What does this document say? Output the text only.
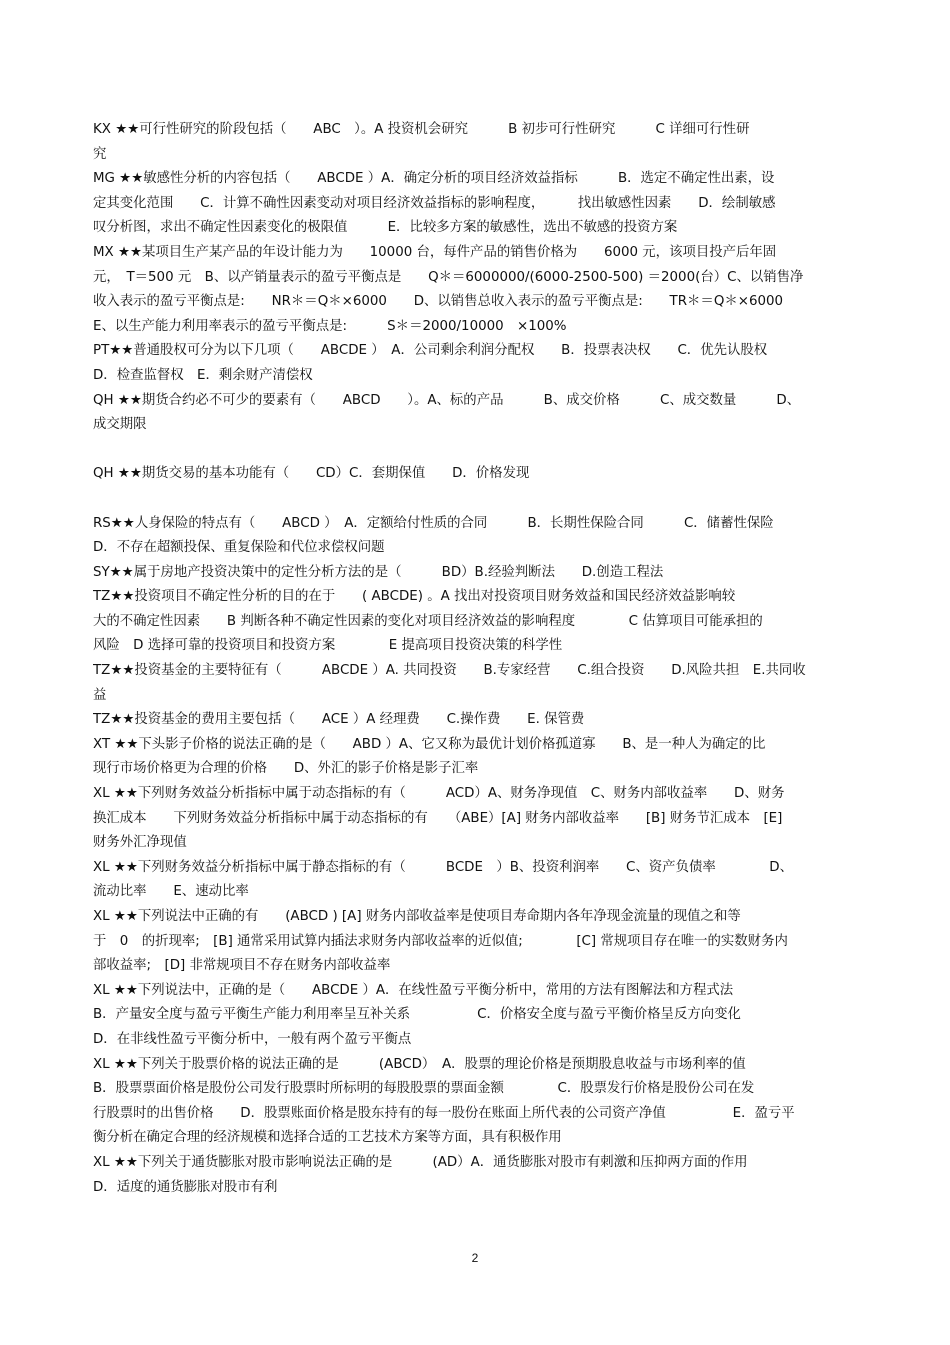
KX ★★可行性研究的阶段包括（　　ABC　）。A 投资机会研究　　　B 初步可行性研究　　　C 详细可行性研
究
MG ★★敏感性分析的内容包括（　　ABCDE ）A．确定分析的项目经济效益指标　　　B．选定不确定性出素，设
定其变化范围　　C．计算不确性因素变动对项目经济效益指标的影响程度，　　　找出敏感性因素　　D．绘制敏感
叹分析图，求出不确定性因素变化的极限值　　　E．比较多方案的敏感性，选出不敏感的投资方案
MX ★★某项目生产某产品的年设计能力为　　10000 台，每件产品的销售价格为　　6000 元，该项目投产后年固
元，　T＝500 元　B、以产销量表示的盈亏平衡点是　　Q＊＝6000000/(6000-2500-500) ＝2000(台）C、以销售净
收入表示的盈亏平衡点是:　　NR＊＝Q＊×6000　　D、以销售总收入表示的盈亏平衡点是:　　TR＊＝Q＊×6000
E、以生产能力利用率表示的盈亏平衡点是:　　　S＊＝2000/10000　×100%
PT★★普通股权可分为以下几项（　　ABCDE ）　A．公司剩余利润分配权　　B．投票表决权　　C．优先认股权
D．检查监督权　E．剩余财产清偿权
QH ★★期货合约必不可少的要素有（　　ABCD　　）。A、标的产品　　　B、成交价格　　　C、成交数量　　　D、
成交期限
QH ★★期货交易的基本功能有（　　CD）C．套期保值　　D．价格发现
RS★★人身保险的特点有（　　ABCD ）　A．定额给付性质的合同　　　B．长期性保险合同　　　C．储蓄性保险
D．不存在超额投保、重复保险和代位求偿权问题
SY★★属于房地产投资决策中的定性分析方法的是（　　　BD）B.经验判断法　　D.创造工程法
TZ★★投资项目不确定性分析的目的在于　　( ABCDE) 。A 找出对投资项目财务效益和国民经济效益影响较
大的不确定性因素　　B 判断各种不确定性因素的变化对项目经济效益的影响程度　　　　C 估算项目可能承担的
风险　D 选择可靠的投资项目和投资方案　　　　E 提高项目投资决策的科学性
TZ★★投资基金的主要特征有（　　　ABCDE ）A. 共同投资　　B.专家经营　　C.组合投资　　D.风险共担　E.共同收
益
TZ★★投资基金的费用主要包括（　　ACE ）A 经理费　　C.操作费　　E. 保管费
XT ★★下头影子价格的说法正确的是（　　ABD ）A、它又称为最优计划价格孤道寡　　B、是一种人为确定的比
现行市场价格更为合理的价格　　D、外汇的影子价格是影子汇率
XL ★★下列财务效益分析指标中属于动态指标的有（　　　ACD）A、财务净现值　C、财务内部收益率　　D、财务
换汇成本　　下列财务效益分析指标中属于动态指标的有　　（ABE）[A] 财务内部收益率　　[B] 财务节汇成本　[E]
财务外汇净现值
XL ★★下列财务效益分析指标中属于静态指标的有（　　　BCDE　）B、投资利润率　　C、资产负债率　　　　D、
流动比率　　E、速动比率
XL ★★下列说法中正确的有　　(ABCD ) [A] 财务内部收益率是使项目寿命期内各年净现金流量的现值之和等
于　0　的折现率;　[B] 通常采用试算内插法求财务内部收益率的近似值;　　　　[C] 常规项目存在唯一的实数财务内
部收益率;　[D] 非常规项目不存在财务内部收益率
XL ★★下列说法中，正确的是（　　ABCDE ）A．在线性盈亏平衡分析中，常用的方法有图解法和方程式法
B．产量安全度与盈亏平衡生产能力利用率呈互补关系　　　　　C．价格安全度与盈亏平衡价格呈反方向变化
D．在非线性盈亏平衡分析中，一般有两个盈亏平衡点
XL ★★下列关于股票价格的说法正确的是　　　(ABCD）　A．股票的理论价格是预期股息收益与市场利率的值
B．股票票面价格是股份公司发行股票时所标明的每股股票的票面金额　　　　C．股票发行价格是股份公司在发
行股票时的出售价格　　D．股票账面价格是股东持有的每一股份在账面上所代表的公司资产净值　　　　　E．盈亏平
衡分析在确定合理的经济规模和选择合适的工艺技术方案等方面，具有积极作用
XL ★★下列关于通货膨胀对股市影响说法正确的是　　　(AD）A．通货膨胀对股市有刺激和压抑两方面的作用
D．适度的通货膨胀对股市有利
2
